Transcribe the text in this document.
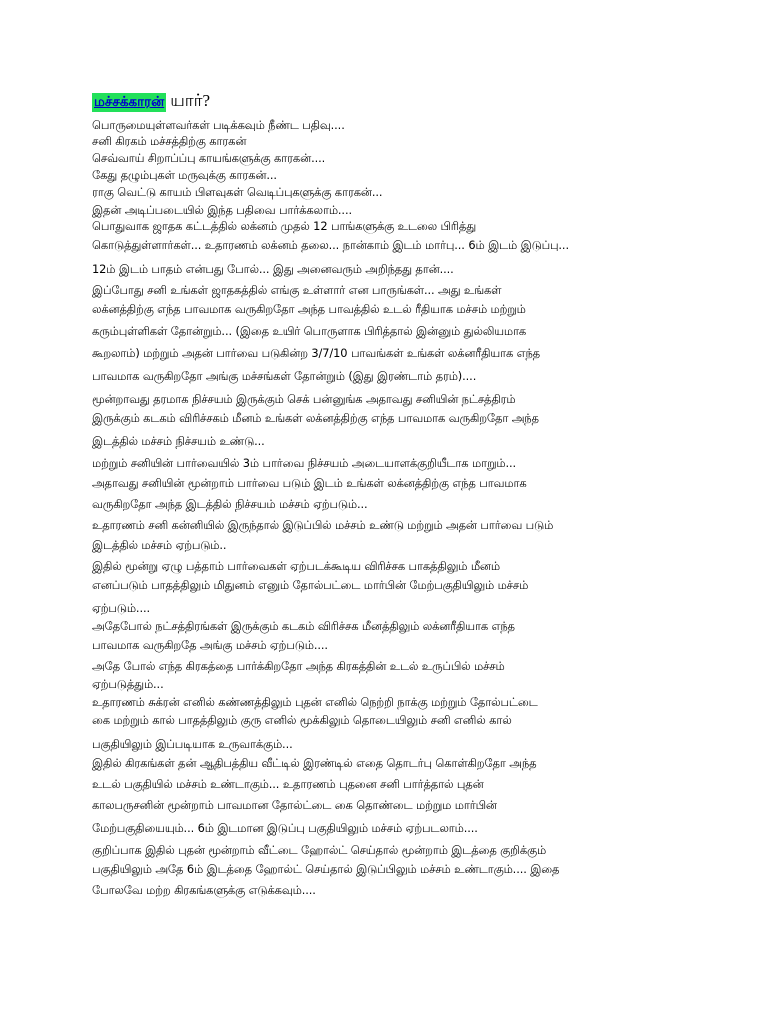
மச்சக்காரன் யார்?
பொருமையுள்ளவர்கள் படிக்கவும் நீண்ட பதிவு....
சனி கிரகம் மச்சத்திற்கு காரகன்
செவ்வாய் சிறாப்ப்பு காயங்களுக்கு காரகன்....
கேது தழும்புகள் மருவுக்கு காரகன்...
ராகு வெட்டு காயம் பிளவுகள் வெடிப்புகளுக்கு காரகன்...
இதன் அடிப்படையில் இந்த பதிவை பார்க்கலாம்....
பொதுவாக ஜாதக கட்டத்தில் லக்னம் முதல் 12 பாங்களுக்கு உடலை பிரித்து
கொடுத்துள்ளார்கள்... உதாரணம் லக்னம் தலை... நான்காம் இடம் மார்பு... 6ம் இடம் இடுப்பு...
12ம் இடம் பாதம் என்பது போல்... இது அனைவரும் அறிந்தது தான்....
இப்போது சனி உங்கள் ஜாதகத்தில் எங்கு உள்ளார் என பாருங்கள்... அது உங்கள்
லக்னத்திற்கு எந்த பாவமாக வருகிறதோ அந்த பாவத்தில் உடல் ரீதியாக மச்சம் மற்றும்
கரும்புள்ளிகள் தோன்றும்... (இதை உயிர் பொருளாக பிரித்தால் இன்னும் துல்லியமாக
கூறலாம்) மற்றும் அதன் பார்வை படுகின்ற 3/7/10 பாவங்கள் உங்கள் லக்னரீதியாக எந்த
பாவமாக வருகிறதோ அங்கு மச்சங்கள் தோன்றும் (இது இரண்டாம் தரம்)....
மூன்றாவது தரமாக நிச்சயம் இருக்கும் செக் பன்னுங்க அதாவது சனியின் நட்சத்திரம்
இருக்கும் கடகம் விரிச்சகம் மீனம் உங்கள் லக்னத்திற்கு எந்த பாவமாக வருகிறதோ அந்த
இடத்தில் மச்சம் நிச்சயம் உண்டு...
மற்றும் சனியின் பார்வையில் 3ம் பார்வை நிச்சயம் அடையாளக்குறியீடாக மாறும்...
அதாவது சனியின் மூன்றாம் பார்வை படும் இடம் உங்கள் லக்னத்திற்கு எந்த பாவமாக
வருகிறதோ அந்த இடத்தில் நிச்சயம் மச்சம் ஏற்படும்...
உதாரணம் சனி கன்னியில் இருந்தால் இடுப்பில் மச்சம் உண்டு மற்றும் அதன் பார்வை படும்
இடத்தில் மச்சம் ஏற்படும்..
இதில் மூன்று ஏழு பத்தாம் பார்வைகள் ஏற்படக்கூடிய விரிச்சக பாகத்திலும் மீனம்
எனப்படும் பாதத்திலும் மிதுனம் எனும் தோல்பட்டை மார்பின் மேற்பகுதியிலும் மச்சம்
ஏற்படும்....
அதேபோல் நட்சத்திரங்கள் இருக்கும் கடகம் விரிச்சக மீனத்திலும் லக்னரீதியாக எந்த
பாவமாக வருகிறதே அங்கு மச்சம் ஏற்படும்....
அதே போல் எந்த கிரகத்தை பார்க்கிறதோ அந்த கிரகத்தின் உடல் உருப்பில் மச்சம்
ஏற்படுத்தும்...
உதாரணம் சுக்ரன் எனில் கண்ணத்திலும் புதன் எனில் நெற்றி நாக்கு மற்றும் தோல்பட்டை
கை மற்றும் கால் பாதத்திலும் குரு எனில் மூக்கிலும் தொடையிலும் சனி எனில் கால்
பகுதியிலும் இப்படியாக உருவாக்கும்...
இதில் கிரகங்கள் தன் ஆதிபத்திய வீட்டில் இரண்டில் எதை தொடர்பு கொள்கிறதோ அந்த
உடல் பகுதியில் மச்சம் உண்டாகும்... உதாரணம் புதனை சனி பார்த்தால் புதன்
காலபருசனின் மூன்றாம் பாவமான தோல்ட்டை கை தொண்டை மற்றும மார்பின்
மேற்பகுதியையும்... 6ம் இடமான இடுப்பு பகுதியிலும் மச்சம் ஏற்படலாம்....
குறிப்பாக இதில் புதன் மூன்றாம் வீட்டை ஹோல்ட் செய்தால் மூன்றாம் இடத்தை குறிக்கும்
பகுதியிலும் அதே 6ம் இடத்தை ஹோல்ட் செய்தால் இடுப்பிலும் மச்சம் உண்டாகும்.... இதை
போலவே மற்ற கிரகங்களுக்கு எடுக்கவும்....
